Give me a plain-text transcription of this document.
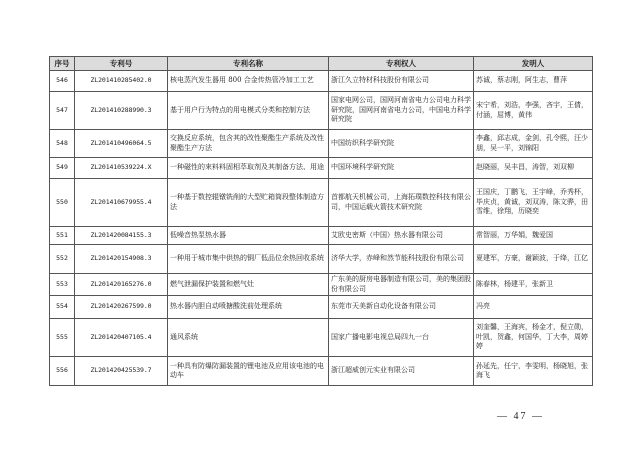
序号	专利号	专利名称	专利权人	发明人
546	ZL201410285402.0	核电蒸汽发生器用 800 合金传热管冷加工工艺	浙江久立特材科技股份有限公司	苏诚，蔡志刚，阿生志，曹萍
547	ZL201410288990.3	基于用户行为特点的用电模式分类和控制方法	国家电网公司，国网河南省电力公司电力科学研究院，国网河南省电力公司，中国电力科学研究院	宋宁希，刘浩，李强，吝宇，王倩，付涵，屈博，黄伟
548	ZL201410496064.5	交换反应系统，包含其的改性聚酯生产系统及改性聚酯生产方法	中国纺织科学研究院	李鑫，邱志成，金剑，孔令熙，汪少朋，吴一平，刘锦阳
549	ZL201410539224.X	一种磁性的來料料固相萃取剂及其制备方法、用途	中国环境科学研究院	赵晓丽，吴丰昌，涛智，刘双柳
550	ZL201410679955.4	一种基于数控辊镦铣削的大型贮箱筒段整体制造方法	首都航天机械公司，上海拓璞数控科技有限公司，中国运载火箭技术研究院	王国庆，丁鹏飞，王宇峰，乔秀杯，毕庆贞，黄诚，刘双涛，陈文骅，田雪维，徐翔，历晓奕
551	ZL201420084155.3	低噪音热泵热水器	艾欧史密斯（中国）热水器有限公司	常智丽，万华娟，魏爱国
552	ZL201420154908.3	一种用于城市集中供热的铜厂低品位余热回收系统	济华大学，赤峰和然节能科技股份有限公司	夏建军，方豪，谢颖波，于绛，江亿
553	ZL201420165276.0	燃气泄漏保护装置和燃气灶	广东美的厨房电器制造有限公司，美的集团股份有限公司	陈春林，杨建平，张新卫
554	ZL201420267599.0	热水器内胆自动喷搪酸洗前处理系统	东莞市天美新自动化设备有限公司	冯亮
555	ZL201420407105.4	通风系统	国家广播电影电视总局四九一台	刘奎馨，王海宾，杨金才，倪立勋，叶凯，贺鑫，何国华，丁大李，周婷婷
556	ZL201420425539.7	一种具有防爆防漏装置的锂电池及应用该电池的电动车	浙江超威创元实业有限公司	孙延先，任宁，李雯明，杨晓旭，张海飞
— 47 —
